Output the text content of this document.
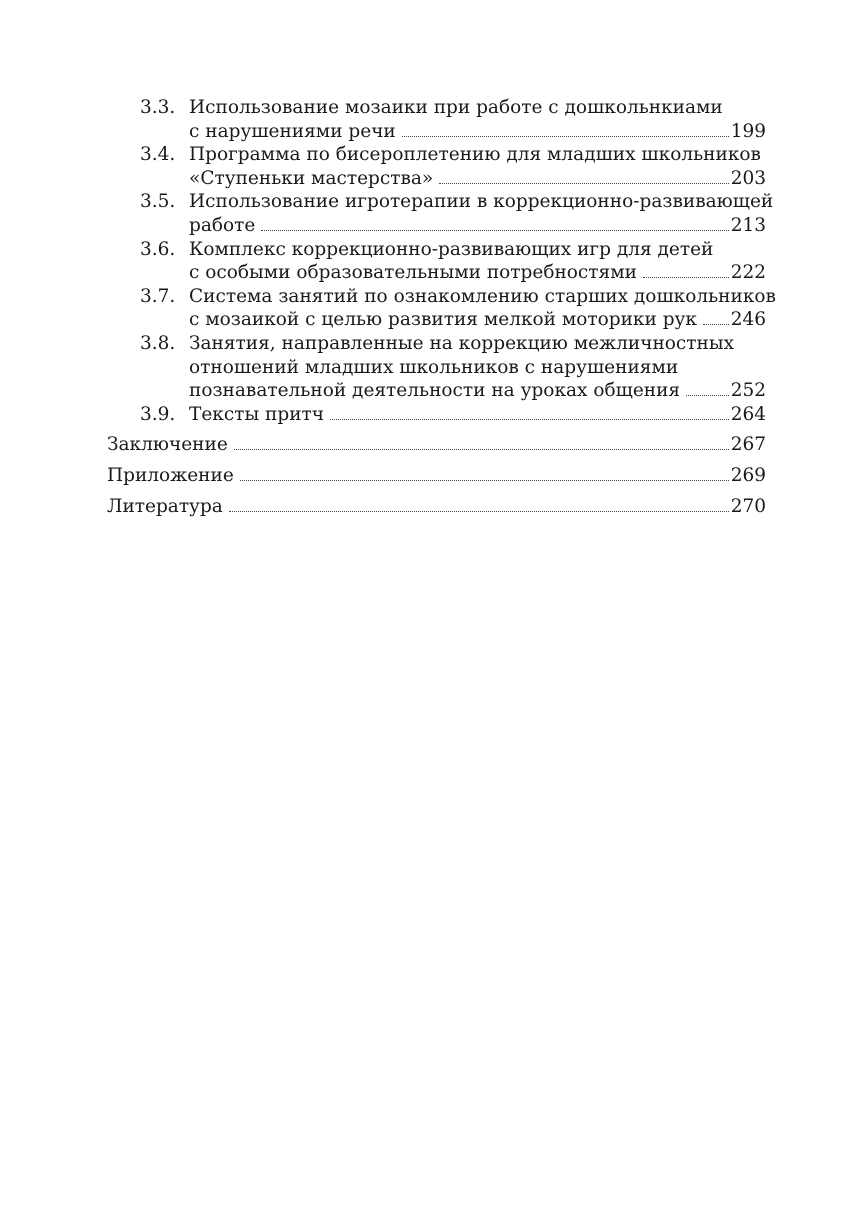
3.3. Использование мозаики при работе с дошкольнкиами
с нарушениями речи	199
3.4. Программа по бисероплетению для младших школьников
«Ступеньки мастерства»	203
3.5. Использование игротерапии в коррекционно-развивающей
работе	213
3.6. Комплекс коррекционно-развивающих игр для детей
с особыми образовательными потребностями	222
3.7. Система занятий по ознакомлению старших дошкольников
с мозаикой с целью развития мелкой моторики рук	246
3.8. Занятия, направленные на коррекцию межличностных
отношений младших школьников с нарушениями
познавательной деятельности на уроках общения	252
3.9. Тексты притч	264
Заключение	267
Приложение	269
Литература	270
